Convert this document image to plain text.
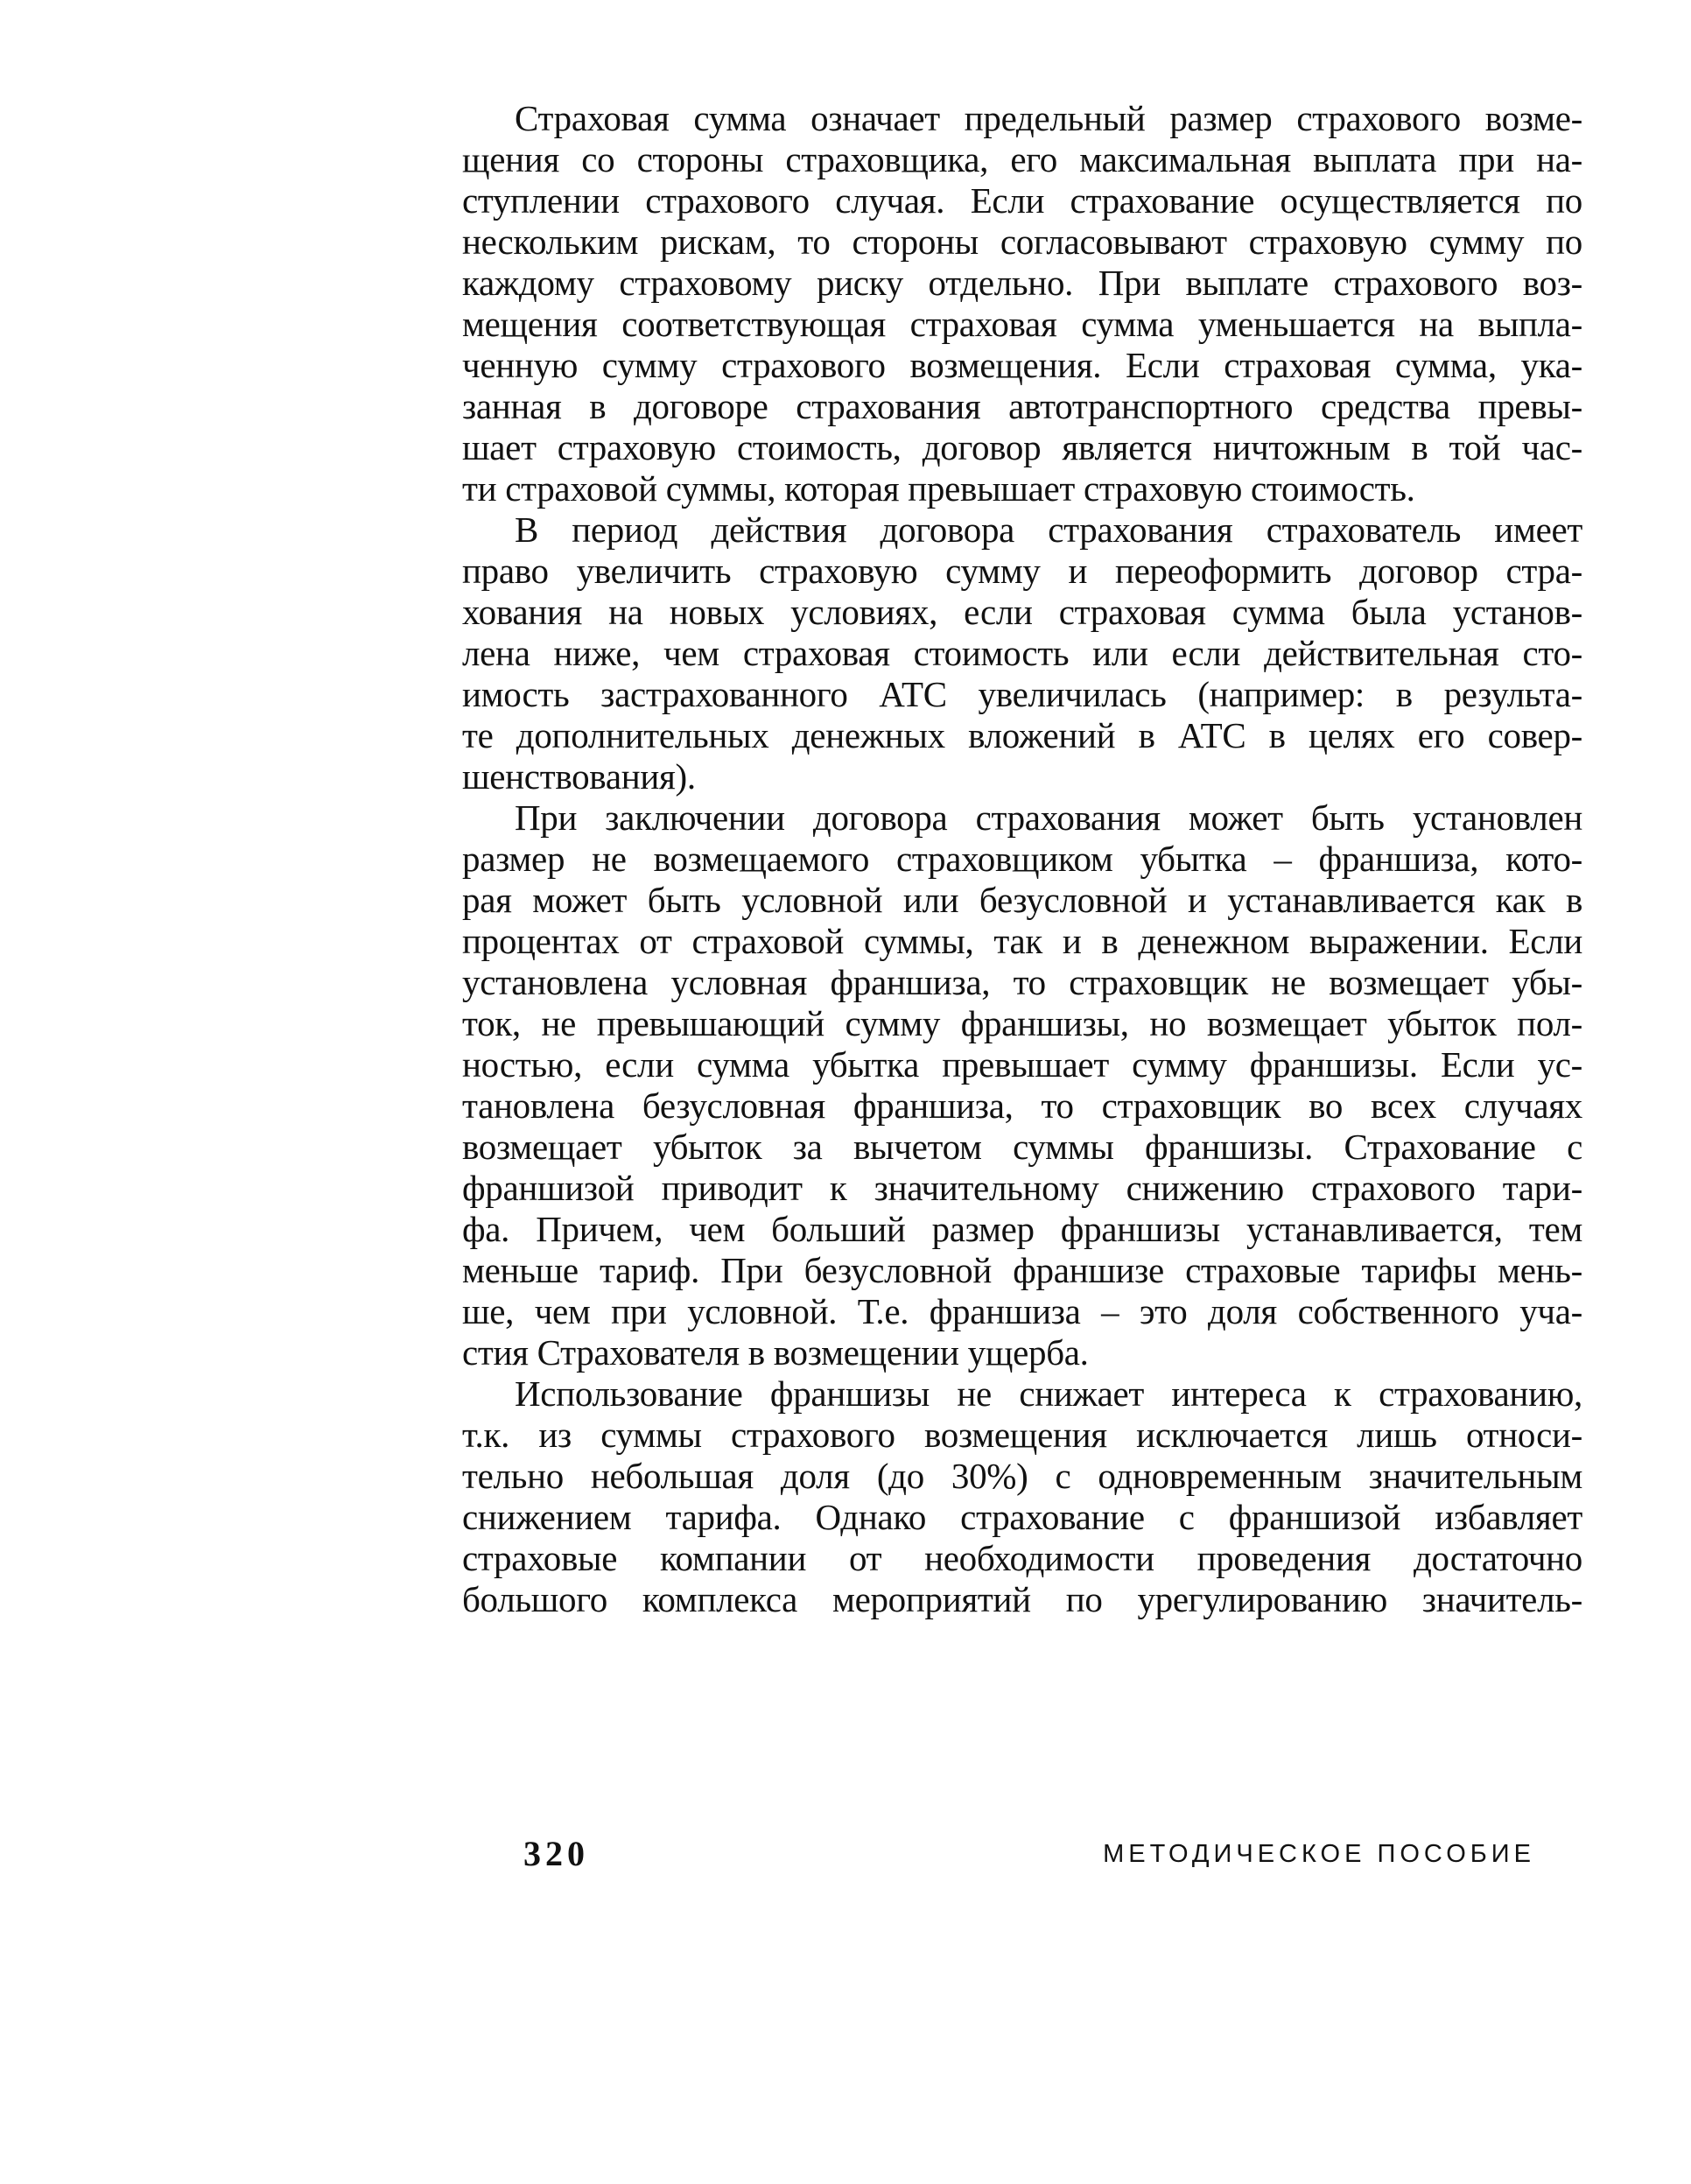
Страховая сумма означает предельный размер страхового возме-
щения со стороны страховщика, его максимальная выплата при на-
ступлении страхового случая. Если страхование осуществляется по
нескольким рискам, то стороны согласовывают страховую сумму по
каждому страховому риску отдельно. При выплате страхового воз-
мещения соответствующая страховая сумма уменьшается на выпла-
ченную сумму страхового возмещения. Если страховая сумма, ука-
занная в договоре страхования автотранспортного средства превы-
шает страховую стоимость, договор является ничтожным в той час-
ти страховой суммы, которая превышает страховую стоимость.
В период действия договора страхования страхователь имеет
право увеличить страховую сумму и переоформить договор стра-
хования на новых условиях, если страховая сумма была установ-
лена ниже, чем страховая стоимость или если действительная сто-
имость застрахованного АТС увеличилась (например: в результа-
те дополнительных денежных вложений в АТС в целях его совер-
шенствования).
При заключении договора страхования может быть установлен
размер не возмещаемого страховщиком убытка – франшиза, кото-
рая может быть условной или безусловной и устанавливается как в
процентах от страховой суммы, так и в денежном выражении. Если
установлена условная франшиза, то страховщик не возмещает убы-
ток, не превышающий сумму франшизы, но возмещает убыток пол-
ностью, если сумма убытка превышает сумму франшизы. Если ус-
тановлена безусловная франшиза, то страховщик во всех случаях
возмещает убыток за вычетом суммы франшизы. Страхование с
франшизой приводит к значительному снижению страхового тари-
фа. Причем, чем больший размер франшизы устанавливается, тем
меньше тариф. При безусловной франшизе страховые тарифы мень-
ше, чем при условной. Т.е. франшиза – это доля собственного уча-
стия Страхователя в возмещении ущерба.
Использование франшизы не снижает интереса к страхованию,
т.к. из суммы страхового возмещения исключается лишь относи-
тельно небольшая доля (до 30%) с одновременным значительным
снижением тарифа. Однако страхование с франшизой избавляет
страховые компании от необходимости проведения достаточно
большого комплекса мероприятий по урегулированию значитель-
320	МЕТОДИЧЕСКОЕ ПОСОБИЕ
